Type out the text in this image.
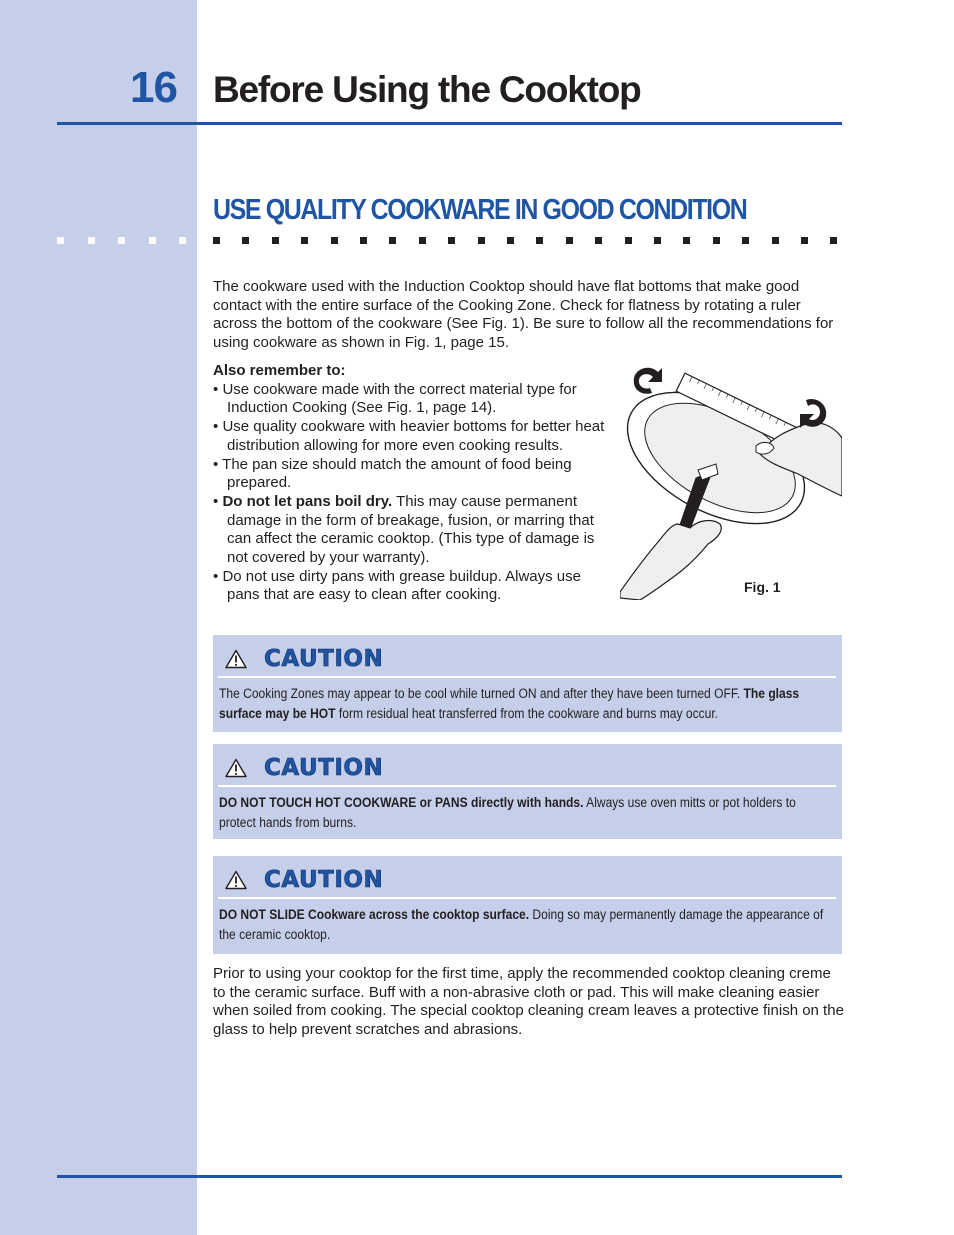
16 Before Using the Cooktop
USE QUALITY COOKWARE IN GOOD CONDITION
The cookware used with the Induction Cooktop should have flat bottoms that make good contact with the entire surface of the Cooking Zone. Check for flatness by rotating a ruler across the bottom of the cookware (See Fig. 1). Be sure to follow all the recommendations for using cookware as shown in Fig. 1, page 15.
Also remember to:
• Use cookware made with the correct material type for Induction Cooking (See Fig. 1, page 14).
• Use quality cookware with heavier bottoms for better heat distribution allowing for more even cooking results.
• The pan size should match the amount of food being prepared.
• Do not let pans boil dry. This may cause permanent damage in the form of breakage, fusion, or marring that can affect the ceramic cooktop. (This type of damage is not covered by your warranty).
• Do not use dirty pans with grease buildup. Always use pans that are easy to clean after cooking.	Fig. 1
CAUTION
The Cooking Zones may appear to be cool while turned ON and after they have been turned OFF. The glass surface may be HOT form residual heat transferred from the cookware and burns may occur.
CAUTION
DO NOT TOUCH HOT COOKWARE or PANS directly with hands. Always use oven mitts or pot holders to protect hands from burns.
CAUTION
DO NOT SLIDE Cookware across the cooktop surface. Doing so may permanently damage the appearance of the ceramic cooktop.
Prior to using your cooktop for the first time, apply the recommended cooktop cleaning creme to the ceramic surface. Buff with a non-abrasive cloth or pad. This will make cleaning easier when soiled from cooking. The special cooktop cleaning cream leaves a protective finish on the glass to help prevent scratches and abrasions.
